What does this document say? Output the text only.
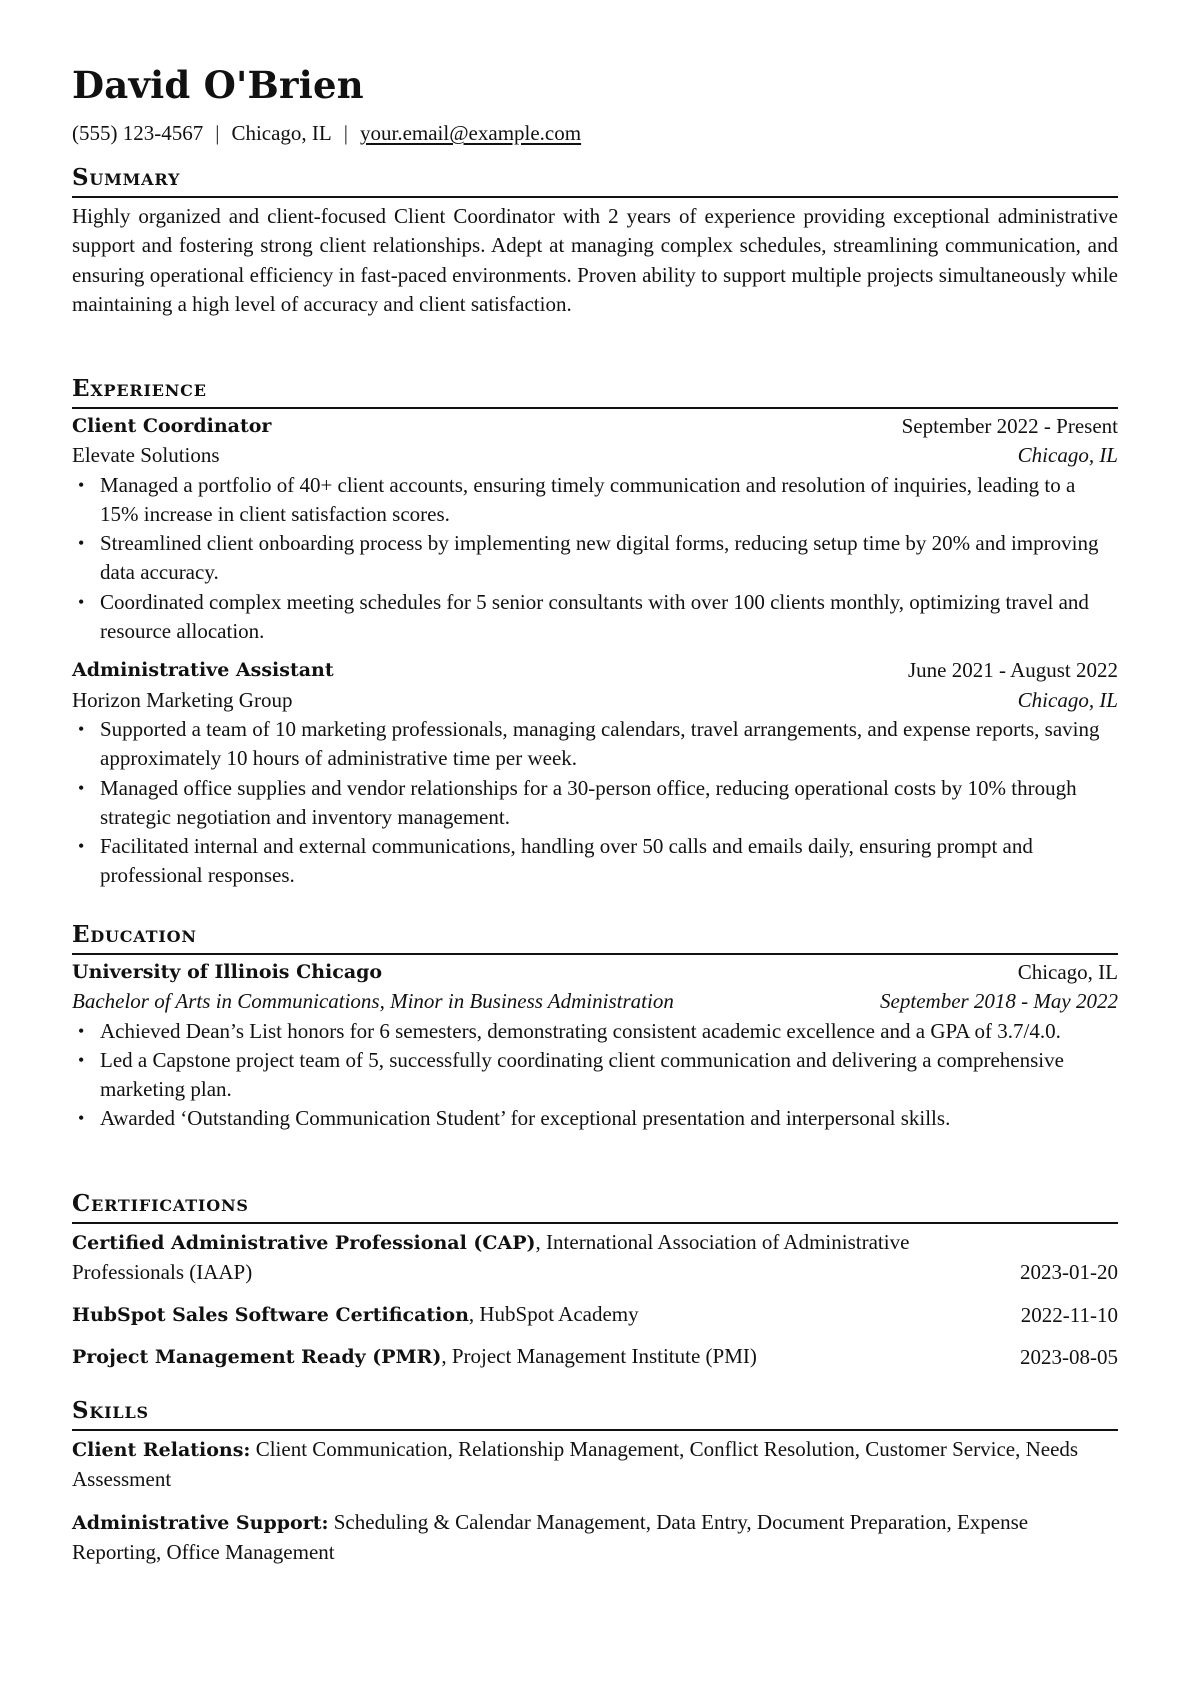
David O'Brien
(555) 123-4567 | Chicago, IL | your.email@example.com
Summary

Highly organized and client-focused Client Coordinator with 2 years of experience providing exceptional administrative support and fostering strong client relationships. Adept at managing complex schedules, streamlining communication, and ensuring operational efficiency in fast-paced environments. Proven ability to support multiple projects simultaneously while maintaining a high level of accuracy and client satisfaction.

Experience
Client Coordinator	September 2022 - Present
Elevate Solutions	Chicago, IL
• Managed a portfolio of 40+ client accounts, ensuring timely communication and resolution of inquiries, leading to a 15% increase in client satisfaction scores.
• Streamlined client onboarding process by implementing new digital forms, reducing setup time by 20% and improving data accuracy.
• Coordinated complex meeting schedules for 5 senior consultants with over 100 clients monthly, optimizing travel and resource allocation.
Administrative Assistant	June 2021 - August 2022
Horizon Marketing Group	Chicago, IL
• Supported a team of 10 marketing professionals, managing calendars, travel arrangements, and expense reports, saving approximately 10 hours of administrative time per week.
• Managed office supplies and vendor relationships for a 30-person office, reducing operational costs by 10% through strategic negotiation and inventory management.
• Facilitated internal and external communications, handling over 50 calls and emails daily, ensuring prompt and professional responses.
Education
University of Illinois Chicago	Chicago, IL
Bachelor of Arts in Communications, Minor in Business Administration	September 2018 - May 2022
• Achieved Dean’s List honors for 6 semesters, demonstrating consistent academic excellence and a GPA of 3.7/4.0.
• Led a Capstone project team of 5, successfully coordinating client communication and delivering a comprehensive marketing plan.
• Awarded ‘Outstanding Communication Student’ for exceptional presentation and interpersonal skills.
Certifications
Certified Administrative Professional (CAP), International Association of Administrative Professionals (IAAP)	2023-01-20
HubSpot Sales Software Certification, HubSpot Academy	2022-11-10
Project Management Ready (PMR), Project Management Institute (PMI)	2023-08-05
Skills

Client Relations: Client Communication, Relationship Management, Conflict Resolution, Customer Service, Needs Assessment

Administrative Support: Scheduling & Calendar Management, Data Entry, Document Preparation, Expense Reporting, Office Management
